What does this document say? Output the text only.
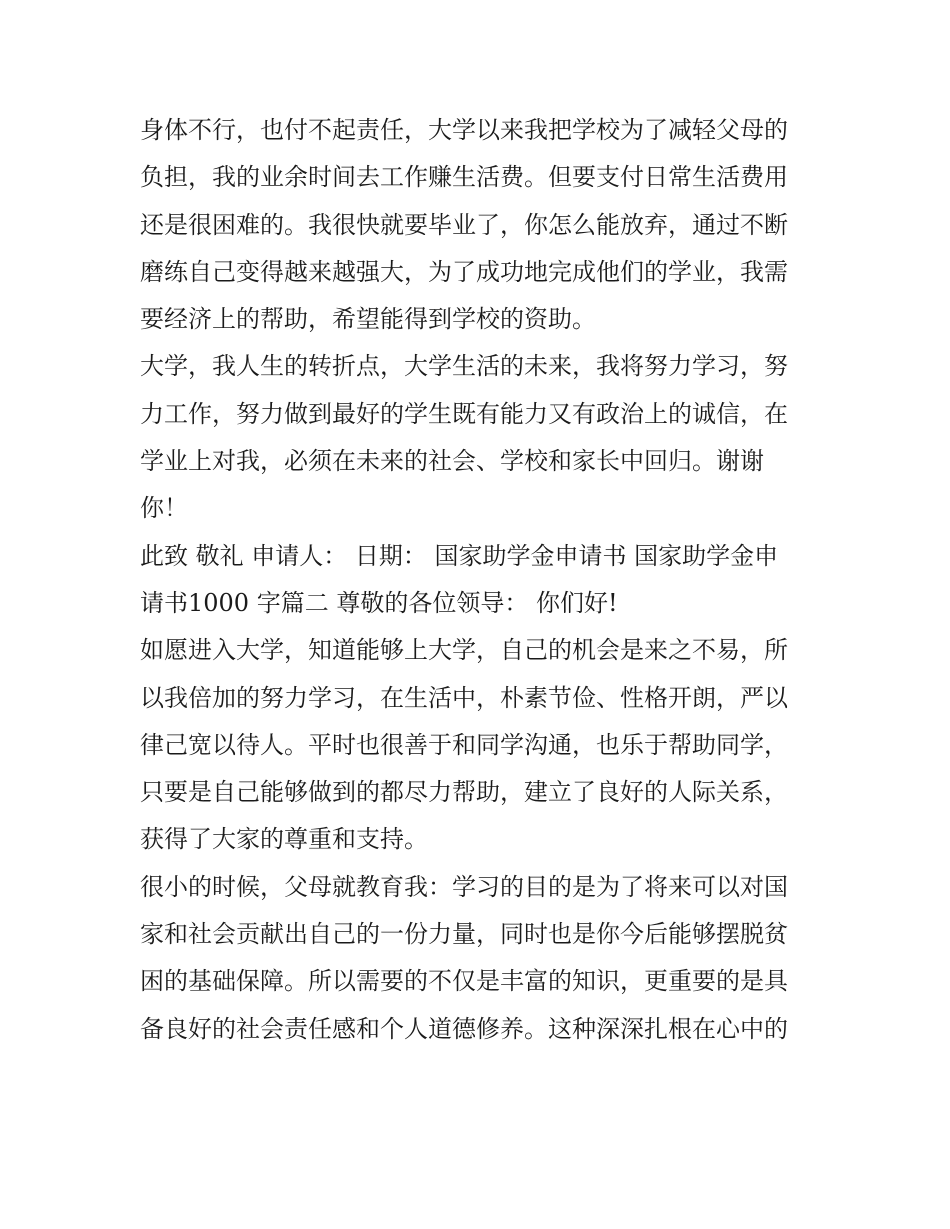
身体不行，也付不起责任，大学以来我把学校为了减轻父母的
负担，我的业余时间去工作赚生活费。但要支付日常生活费用
还是很困难的。我很快就要毕业了，你怎么能放弃，通过不断
磨练自己变得越来越强大，为了成功地完成他们的学业，我需
要经济上的帮助，希望能得到学校的资助。
大学，我人生的转折点，大学生活的未来，我将努力学习，努
力工作，努力做到最好的学生既有能力又有政治上的诚信，在
学业上对我，必须在未来的社会、学校和家长中回归。谢谢
你！
此致 敬礼 申请人： 日期： 国家助学金申请书 国家助学金申
请书1000 字篇二 尊敬的各位领导： 你们好!
如愿进入大学，知道能够上大学，自己的机会是来之不易，所
以我倍加的努力学习，在生活中，朴素节俭、性格开朗，严以
律己宽以待人。平时也很善于和同学沟通，也乐于帮助同学，
只要是自己能够做到的都尽力帮助，建立了良好的人际关系，
获得了大家的尊重和支持。
很小的时候，父母就教育我：学习的目的是为了将来可以对国
家和社会贡献出自己的一份力量，同时也是你今后能够摆脱贫
困的基础保障。所以需要的不仅是丰富的知识，更重要的是具
备良好的社会责任感和个人道德修养。这种深深扎根在心中的
